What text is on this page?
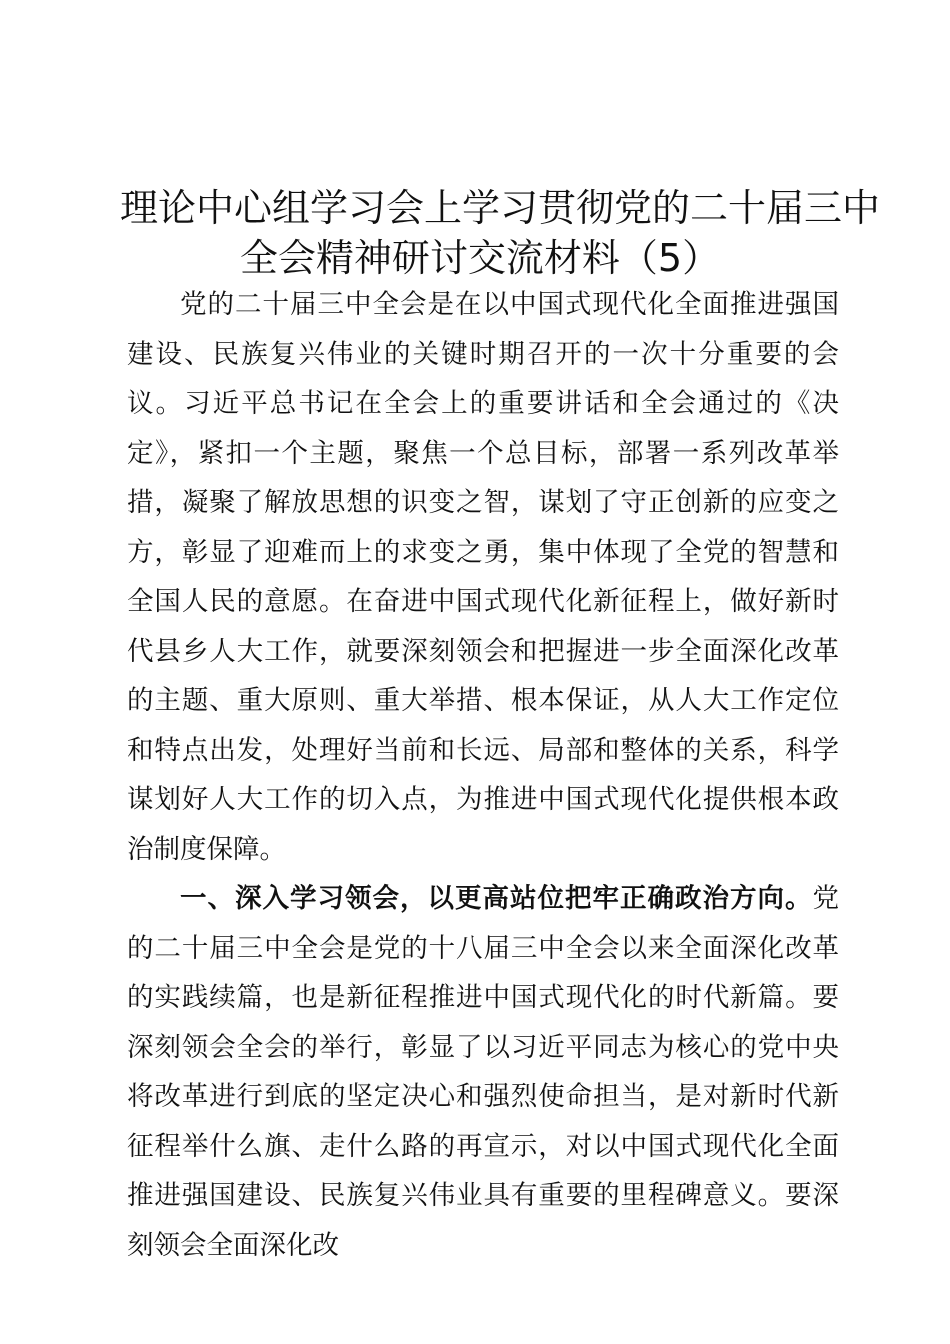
理论中心组学习会上学习贯彻党的二十届三中
全会精神研讨交流材料（5）

党的二十届三中全会是在以中国式现代化全面推进强国建设、民族复兴伟业的关键时期召开的一次十分重要的会议。习近平总书记在全会上的重要讲话和全会通过的《决定》，紧扣一个主题，聚焦一个总目标，部署一系列改革举措，凝聚了解放思想的识变之智，谋划了守正创新的应变之方，彰显了迎难而上的求变之勇，集中体现了全党的智慧和全国人民的意愿。在奋进中国式现代化新征程上，做好新时代县乡人大工作，就要深刻领会和把握进一步全面深化改革的主题、重大原则、重大举措、根本保证，从人大工作定位和特点出发，处理好当前和长远、局部和整体的关系，科学谋划好人大工作的切入点，为推进中国式现代化提供根本政治制度保障。

一、深入学习领会，以更高站位把牢正确政治方向。党的二十届三中全会是党的十八届三中全会以来全面深化改革的实践续篇，也是新征程推进中国式现代化的时代新篇。要深刻领会全会的举行，彰显了以习近平同志为核心的党中央将改革进行到底的坚定决心和强烈使命担当，是对新时代新征程举什么旗、走什么路的再宣示，对以中国式现代化全面推进强国建设、民族复兴伟业具有重要的里程碑意义。要深刻领会全面深化改
